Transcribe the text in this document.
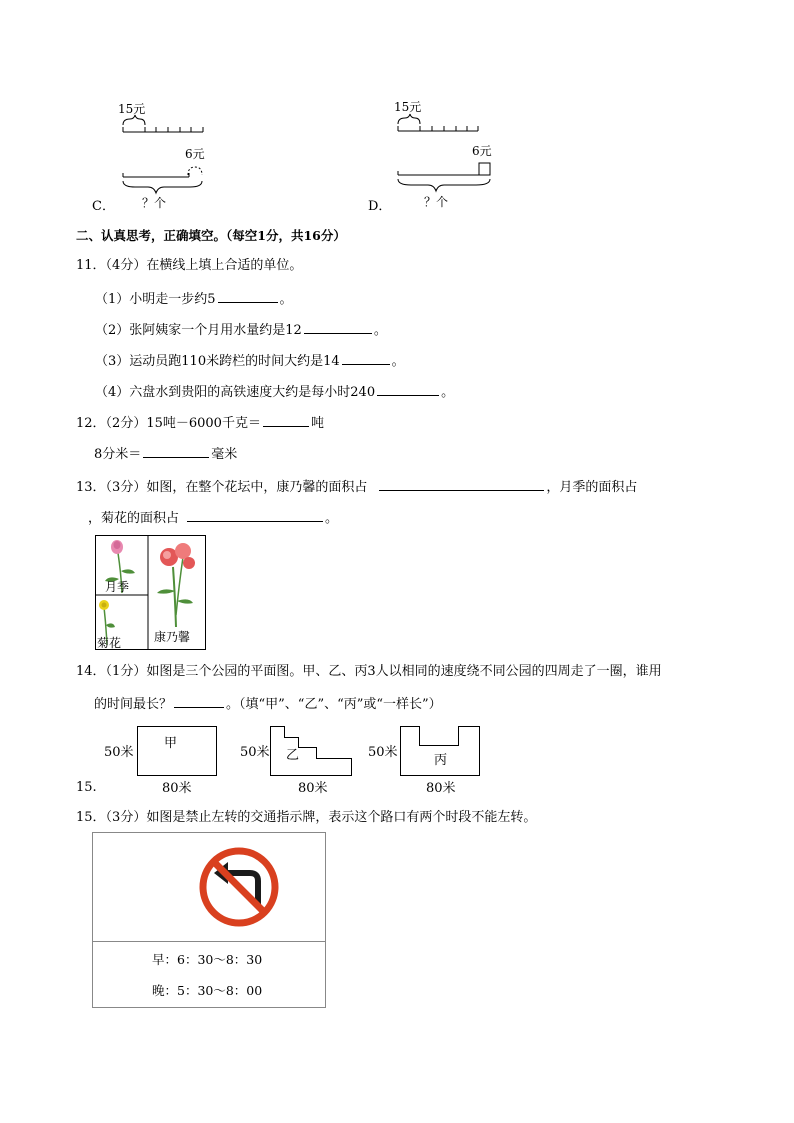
15元
6元
？个
C．
15元
6元
？个
D．
二、认真思考，正确填空。（每空1分，共16分）
11．（4分）在横线上填上合适的单位。
（1）小明走一步约5	。
（2）张阿姨家一个月用水量约是12	。
（3）运动员跑110米跨栏的时间大约是14	。
（4）六盘水到贵阳的高铁速度大约是每小时240	。
12．（2分）15吨－6000千克＝	吨
8分米＝	毫米
13．（3分）如图，在整个花坛中，康乃馨的面积占	，月季的面积占
，菊花的面积占	。
月季
菊花	康乃馨
14．（1分）如图是三个公园的平面图。甲、乙、丙3人以相同的速度绕不同公园的四周走了一圈，谁用
的时间最长？	。（填“甲”、“乙”、“丙”或“一样长”）
50米
甲
80米
50米 乙
80米
50米
丙
80米
15.
15．（3分）如图是禁止左转的交通指示牌，表示这个路口有两个时段不能左转。
早：6：30～8：30
晚：5：30～8：00
